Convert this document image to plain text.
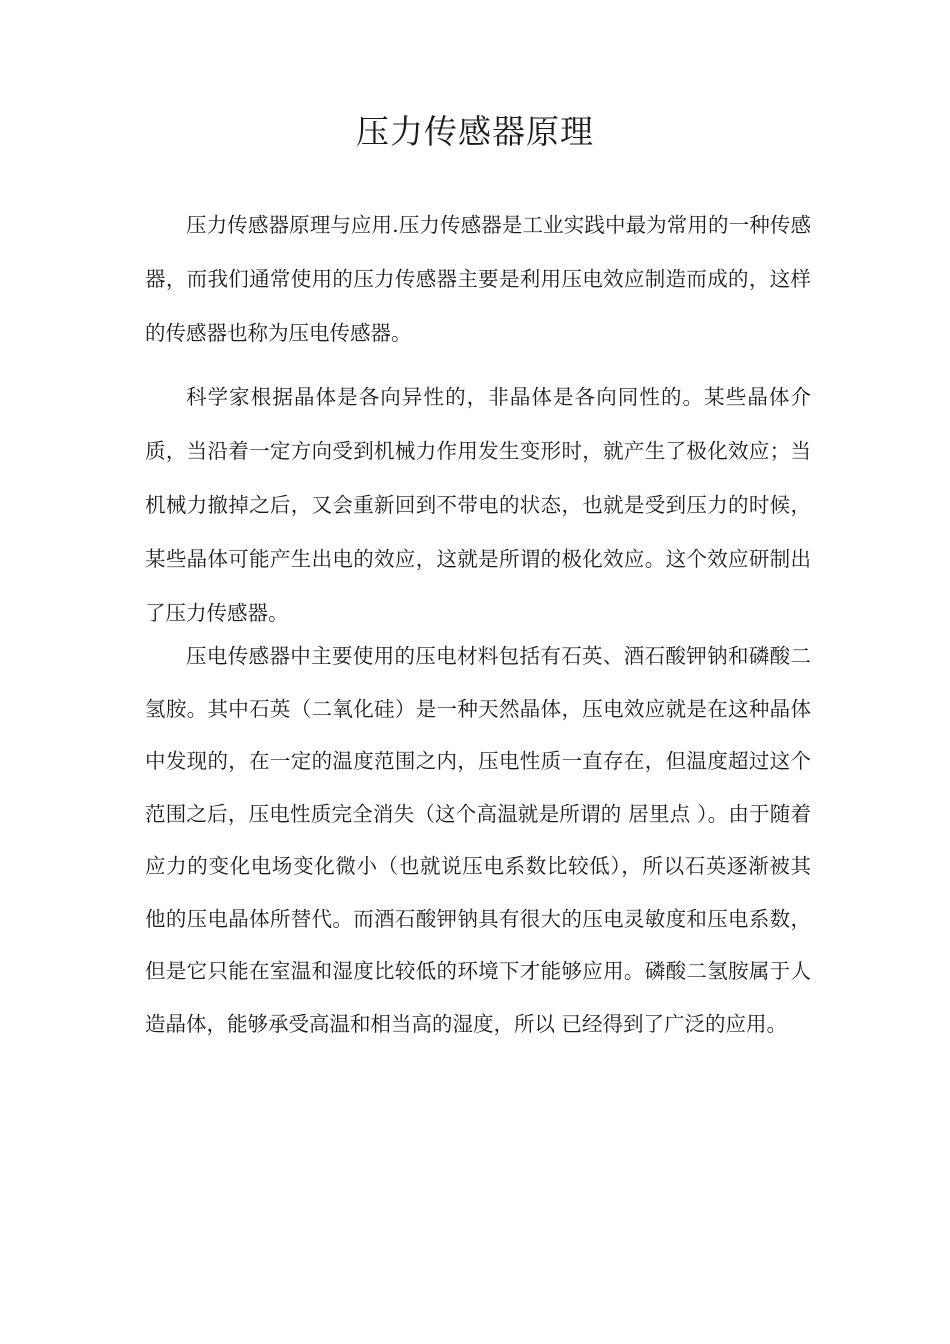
压力传感器原理

压力传感器原理与应用.压力传感器是工业实践中最为常用的一种传感器，而我们通常使用的压力传感器主要是利用压电效应制造而成的，这样的传感器也称为压电传感器。

科学家根据晶体是各向异性的，非晶体是各向同性的。某些晶体介质，当沿着一定方向受到机械力作用发生变形时，就产生了极化效应；当机械力撤掉之后，又会重新回到不带电的状态，也就是受到压力的时候，某些晶体可能产生出电的效应，这就是所谓的极化效应。这个效应研制出了压力传感器。

压电传感器中主要使用的压电材料包括有石英、酒石酸钾钠和磷酸二氢胺。其中石英（二氧化硅）是一种天然晶体，压电效应就是在这种晶体中发现的，在一定的温度范围之内，压电性质一直存在，但温度超过这个范围之后，压电性质完全消失（这个高温就是所谓的 居里点 ）。由于随着应力的变化电场变化微小（也就说压电系数比较低），所以石英逐渐被其他的压电晶体所替代。而酒石酸钾钠具有很大的压电灵敏度和压电系数，但是它只能在室温和湿度比较低的环境下才能够应用。磷酸二氢胺属于人造晶体，能够承受高温和相当高的湿度，所以 已经得到了广泛的应用。
